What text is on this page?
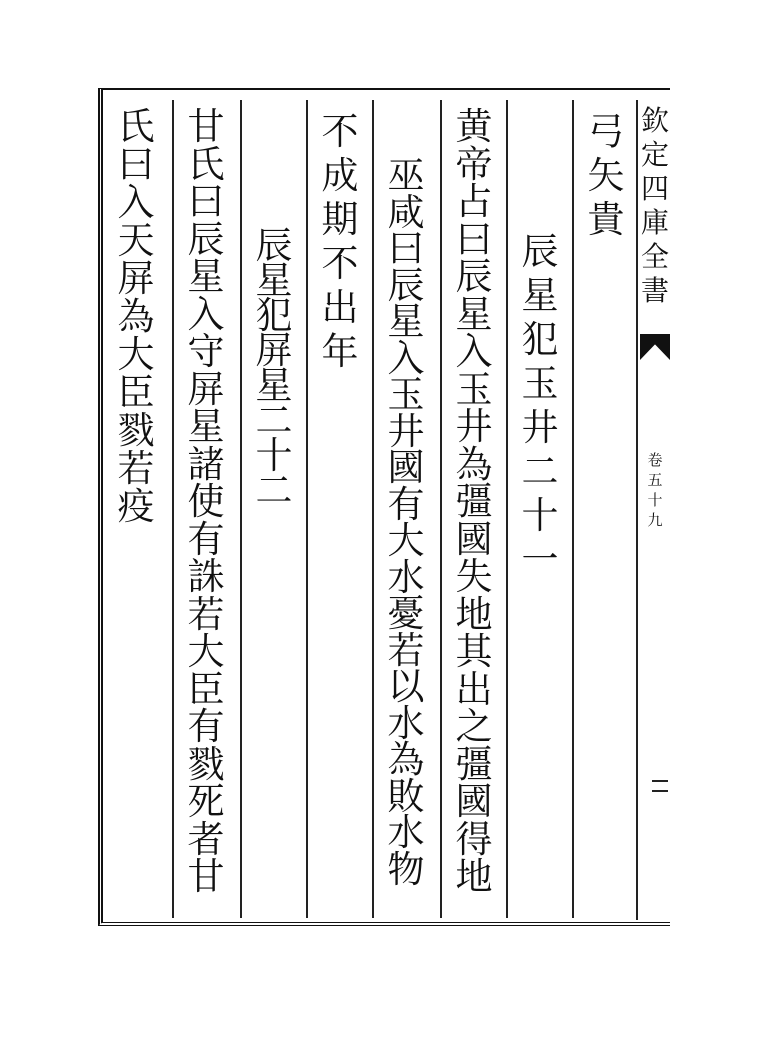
弓
矢
貴
辰
星
犯
玉
井
二
十
一
黄
帝
占
曰
辰
星
入
玉
井
為
彊
國
失
地
其
出
之
彊
國
得
地
巫
咸
曰
辰
星
入
玉
井
國
有
大
水
憂
若
以
水
為
敗
水
物
不
成
期
不
出
年
辰
星
犯
屏
星
二
十
二
甘
氏
曰
辰
星
入
守
屏
星
諸
使
有
誅
若
大
臣
有
戮
死
者
甘
氏
曰
入
天
屏
為
大
臣
戮
若
疫
欽
定
四
庫
全
書
卷
五
十
九
